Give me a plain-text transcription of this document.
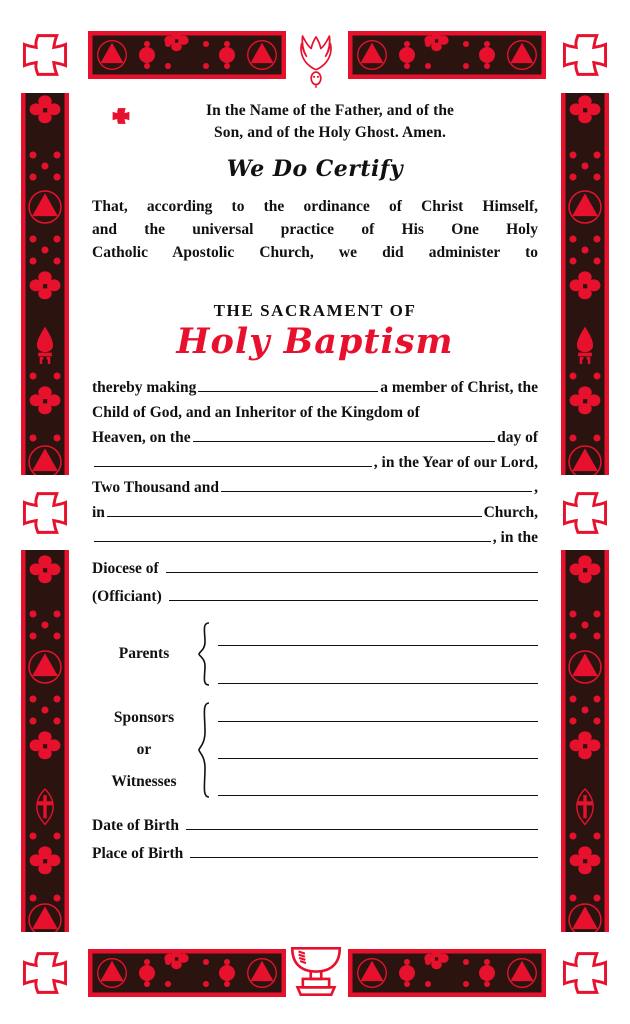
In the Name of the Father, and of the
Son, and of the Holy Ghost. Amen.
We Do Certify
That, according to the ordinance of Christ Himself,
and the universal practice of His One Holy
Catholic Apostolic Church, we did administer to
THE SACRAMENT OF
Holy Baptism
thereby making	a member of Christ, the
Child of God, and an Inheritor of the Kingdom of
Heaven, on the	day of
, in the Year of our Lord,
Two Thousand and	,
in	Church,
, in the
Diocese of
(Officiant)
Parents
Sponsors
or
Witnesses
Date of Birth
Place of Birth
